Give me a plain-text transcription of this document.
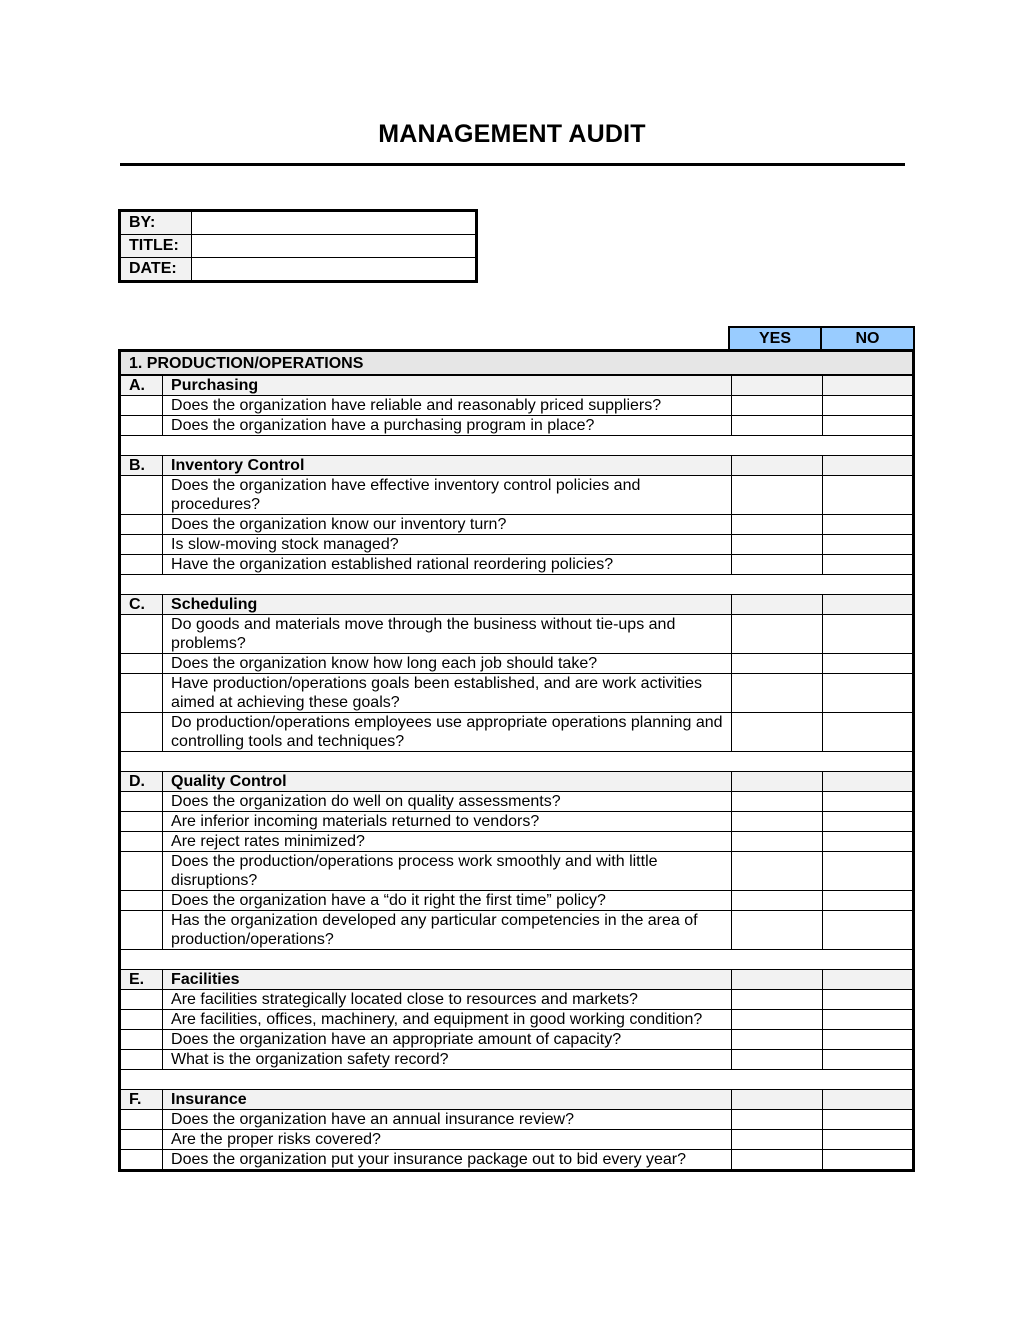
MANAGEMENT AUDIT
BY:	
TITLE:	
DATE:	
YES	NO
1. PRODUCTION/OPERATIONS			
A.	Purchasing		
	Does the organization have reliable and reasonably priced suppliers?		
	Does the organization have a purchasing program in place?		

B.	Inventory Control		
	Does the organization have effective inventory control policies and procedures?		
	Does the organization know our inventory turn?		
	Is slow-moving stock managed?		
	Have the organization established rational reordering policies?		

C.	Scheduling		
	Do goods and materials move through the business without tie-ups and problems?		
	Does the organization know how long each job should take?		
	Have production/operations goals been established, and are work activities aimed at achieving these goals?		
	Do production/operations employees use appropriate operations planning and controlling tools and techniques?		

D.	Quality Control		
	Does the organization do well on quality assessments?		
	Are inferior incoming materials returned to vendors?		
	Are reject rates minimized?		
	Does the production/operations process work smoothly and with little disruptions?		
	Does the organization have a “do it right the first time” policy?		
	Has the organization developed any particular competencies in the area of production/operations?		

E.	Facilities		
	Are facilities strategically located close to resources and markets?		
	Are facilities, offices, machinery, and equipment in good working condition?		
	Does the organization have an appropriate amount of capacity?		
	What is the organization safety record?		

F.	Insurance		
	Does the organization have an annual insurance review?		
	Are the proper risks covered?		
	Does the organization put your insurance package out to bid every year?		
